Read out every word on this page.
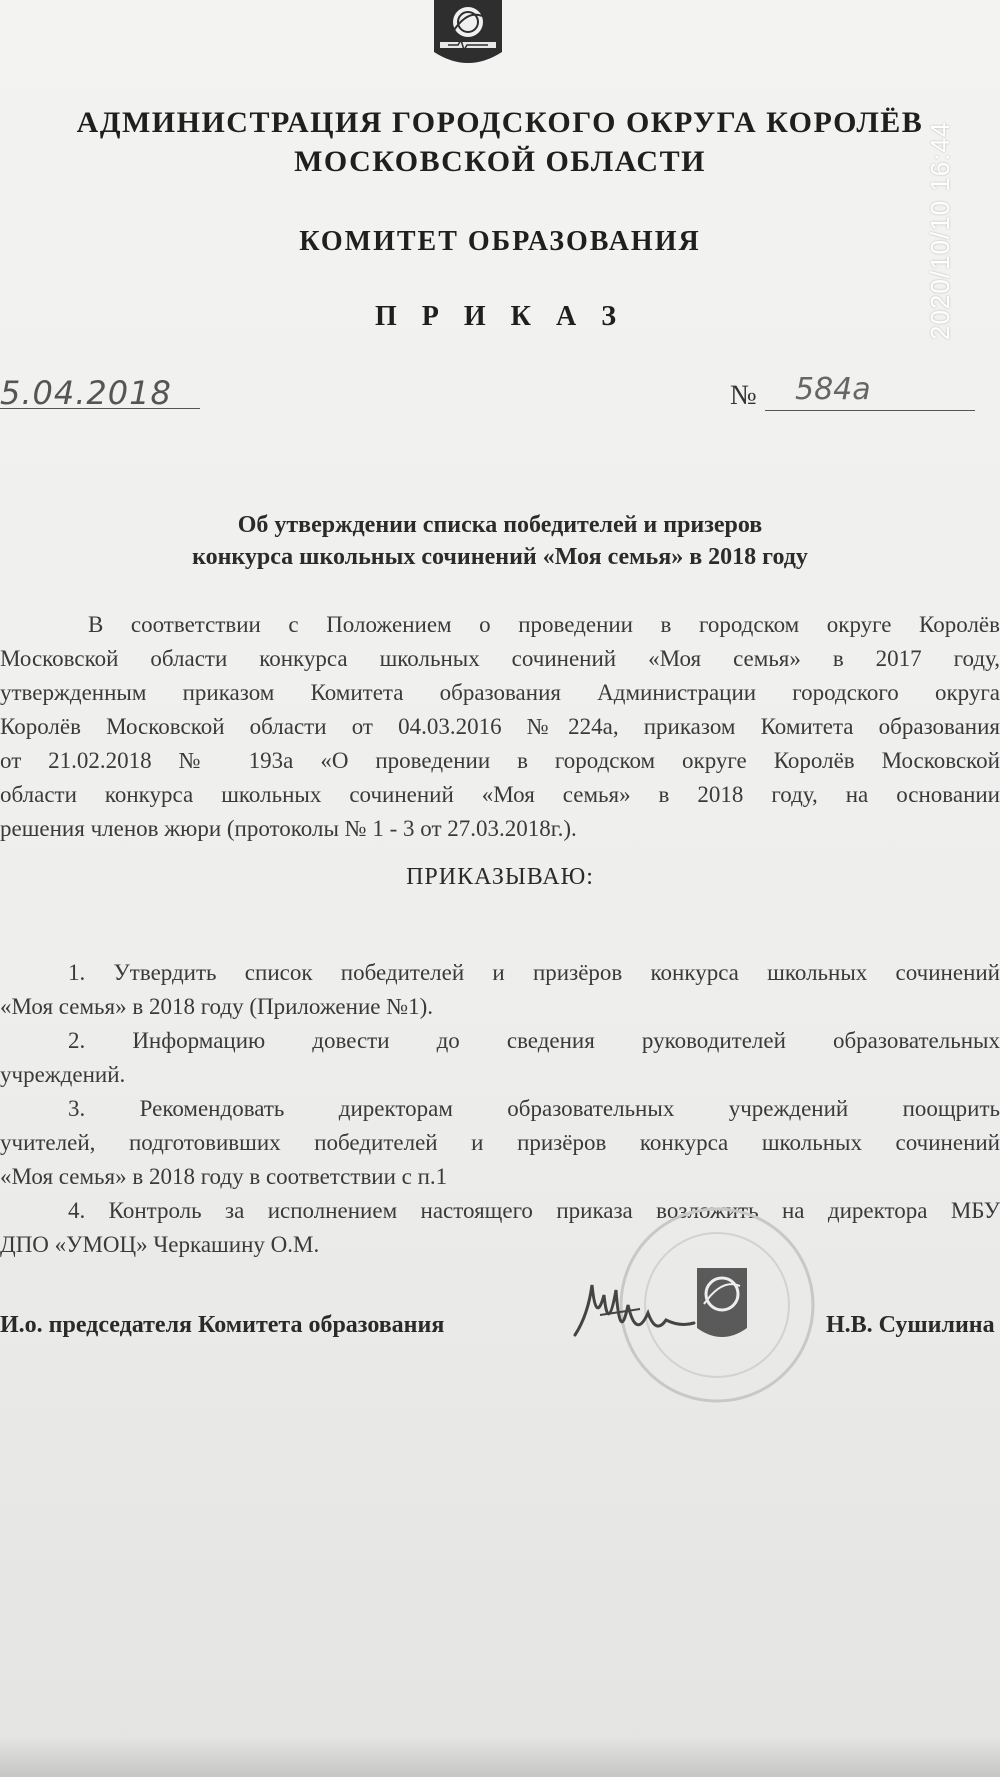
АДМИНИСТРАЦИЯ ГОРОДСКОГО ОКРУГА КОРОЛЁВ
МОСКОВСКОЙ ОБЛАСТИ
КОМИТЕТ ОБРАЗОВАНИЯ
П Р И К А З
5.04.2018	№ 584а
Об утверждении списка победителей и призеров
конкурса школьных сочинений «Моя семья» в 2018 году
В соответствии с Положением о проведении в городском округе Королёв
Московской области конкурса школьных сочинений «Моя семья» в 2017 году,
утвержденным приказом Комитета образования Администрации городского округа
Королёв Московской области от 04.03.2016 №224а, приказом Комитета образования
от 21.02.2018 № 193а «О проведении в городском округе Королёв Московской
области конкурса школьных сочинений «Моя семья» в 2018 году, на основании
решения членов жюри (протоколы № 1 - 3 от 27.03.2018г.).
ПРИКАЗЫВАЮ:
1. Утвердить список победителей и призёров конкурса школьных сочинений
«Моя семья» в 2018 году (Приложение №1).
2. Информацию довести до сведения руководителей образовательных
учреждений.
3. Рекомендовать директорам образовательных учреждений поощрить
учителей, подготовивших победителей и призёров конкурса школьных сочинений
«Моя семья» в 2018 году в соответствии с п.1
4. Контроль за исполнением настоящего приказа возложить на директора МБУ
ДПО «УМОЦ» Черкашину О.М.
И.о. председателя Комитета образования	Н.В. Сушилина
2020/10/10 16:44
